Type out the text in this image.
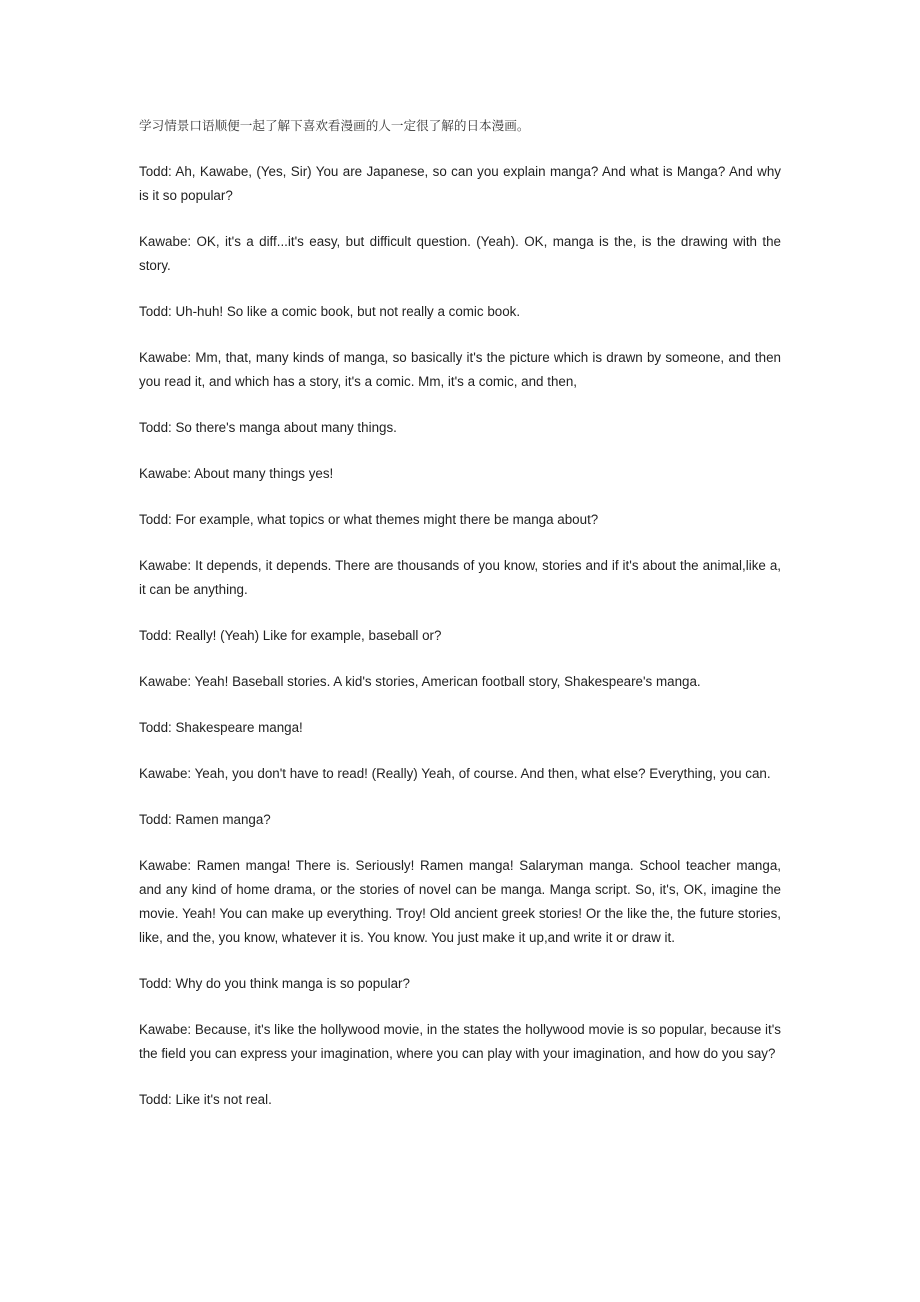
学习情景口语顺便一起了解下喜欢看漫画的人一定很了解的日本漫画。

Todd: Ah, Kawabe, (Yes, Sir) You are Japanese, so can you explain manga? And what is Manga? And why is it so popular?

Kawabe: OK, it's a diff...it's easy, but difficult question. (Yeah). OK, manga is the, is the drawing with the story.

Todd: Uh-huh! So like a comic book, but not really a comic book.

Kawabe: Mm, that, many kinds of manga, so basically it's the picture which is drawn by someone, and then you read it, and which has a story, it's a comic. Mm, it's a comic, and then,

Todd: So there's manga about many things.

Kawabe: About many things yes!

Todd: For example, what topics or what themes might there be manga about?

Kawabe: It depends, it depends. There are thousands of you know, stories and if it's about the animal,like a, it can be anything.

Todd: Really! (Yeah) Like for example, baseball or?

Kawabe: Yeah! Baseball stories. A kid's stories, American football story, Shakespeare's manga.

Todd: Shakespeare manga!

Kawabe: Yeah, you don't have to read! (Really) Yeah, of course. And then, what else? Everything, you can.

Todd: Ramen manga?

Kawabe: Ramen manga! There is. Seriously! Ramen manga! Salaryman manga. School teacher manga, and any kind of home drama, or the stories of novel can be manga. Manga script. So, it's, OK, imagine the movie. Yeah! You can make up everything. Troy! Old ancient greek stories! Or the like the, the future stories, like, and the, you know, whatever it is. You know. You just make it up,and write it or draw it.

Todd: Why do you think manga is so popular?

Kawabe: Because, it's like the hollywood movie, in the states the hollywood movie is so popular, because it's the field you can express your imagination, where you can play with your imagination, and how do you say?

Todd: Like it's not real.
